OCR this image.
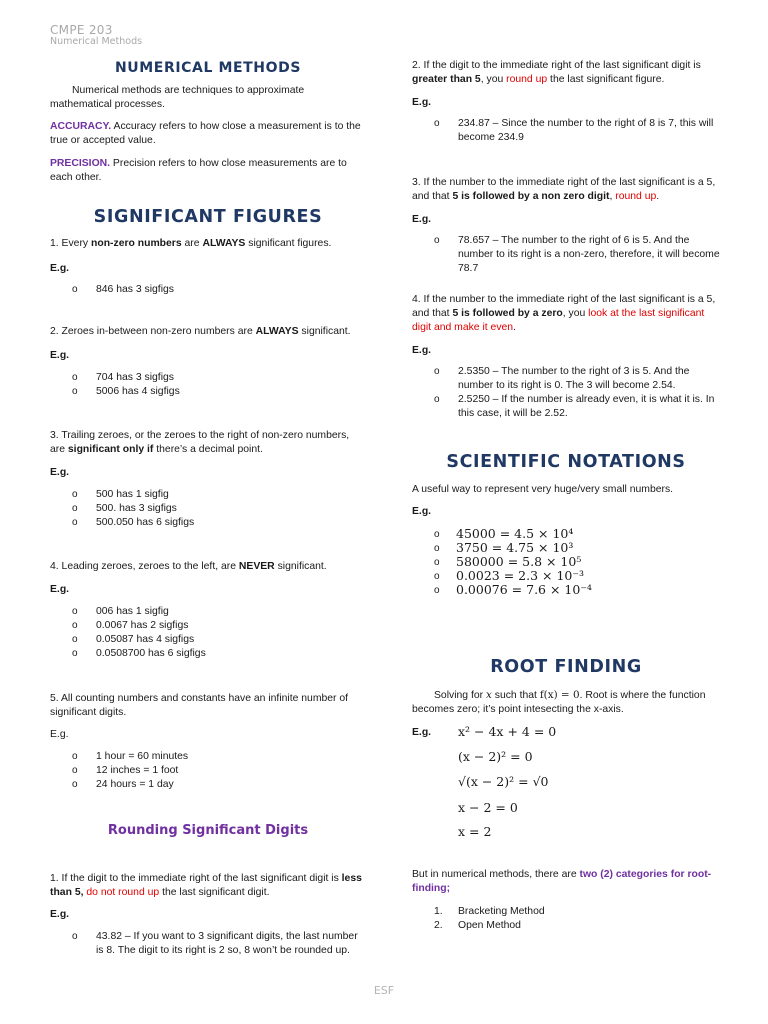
CMPE 203
Numerical Methods
NUMERICAL METHODS

Numerical methods are techniques to approximate mathematical processes.

ACCURACY. Accuracy refers to how close a measurement is to the true or accepted value.

PRECISION. Precision refers to how close measurements are to each other.

SIGNIFICANT FIGURES

1. Every non-zero numbers are ALWAYS significant figures.

E.g.

o 846 has 3 sigfigs

2. Zeroes in-between non-zero numbers are ALWAYS significant.

E.g.

o 704 has 3 sigfigs
o 5006 has 4 sigfigs

3. Trailing zeroes, or the zeroes to the right of non-zero numbers, are significant only if there’s a decimal point.

E.g.

o 500 has 1 sigfig
o 500. has 3 sigfigs
o 500.050 has 6 sigfigs

4. Leading zeroes, zeroes to the left, are NEVER significant.

E.g.

o 006 has 1 sigfig
o 0.0067 has 2 sigfigs
o 0.05087 has 4 sigfigs
o 0.0508700 has 6 sigfigs

5. All counting numbers and constants have an infinite number of significant digits.

E.g.

o 1 hour = 60 minutes
o 12 inches = 1 foot
o 24 hours = 1 day
Rounding Significant Digits

1. If the digit to the immediate right of the last significant digit is less than 5, do not round up the last significant digit.

E.g.

o 43.82 – If you want to 3 significant digits, the last number is 8. The digit to its right is 2 so, 8 won’t be rounded up.

2. If the digit to the immediate right of the last significant digit is greater than 5, you round up the last significant figure.

E.g.

o 234.87 – Since the number to the right of 8 is 7, this will become 234.9

3. If the number to the immediate right of the last significant is a 5, and that 5 is followed by a non zero digit, round up.

E.g.

o 78.657 – The number to the right of 6 is 5. And the number to its right is a non-zero, therefore, it will become 78.7

4. If the number to the immediate right of the last significant is a 5, and that 5 is followed by a zero, you look at the last significant digit and make it even.

E.g.

o 2.5350 – The number to the right of 3 is 5. And the number to its right is 0. The 3 will become 2.54.
o 2.5250 – If the number is already even, it is what it is. In this case, it will be 2.52.
SCIENTIFIC NOTATIONS

A useful way to represent very huge/very small numbers.

E.g.

o 45000 = 4.5 × 10⁴
o 3750 = 4.75 × 10³
o 580000 = 5.8 × 10⁵
o 0.0023 = 2.3 × 10⁻³
o 0.00076 = 7.6 × 10⁻⁴
ROOT FINDING

Solving for x such that f(x) = 0. Root is where the function becomes zero; it’s point intesecting the x-axis.

E.g. x² − 4x + 4 = 0
(x − 2)² = 0
√(x − 2)² = √0
x − 2 = 0
x = 2

But in numerical methods, there are two (2) categories for root-finding;

1. Bracketing Method
2. Open Method
ESF
